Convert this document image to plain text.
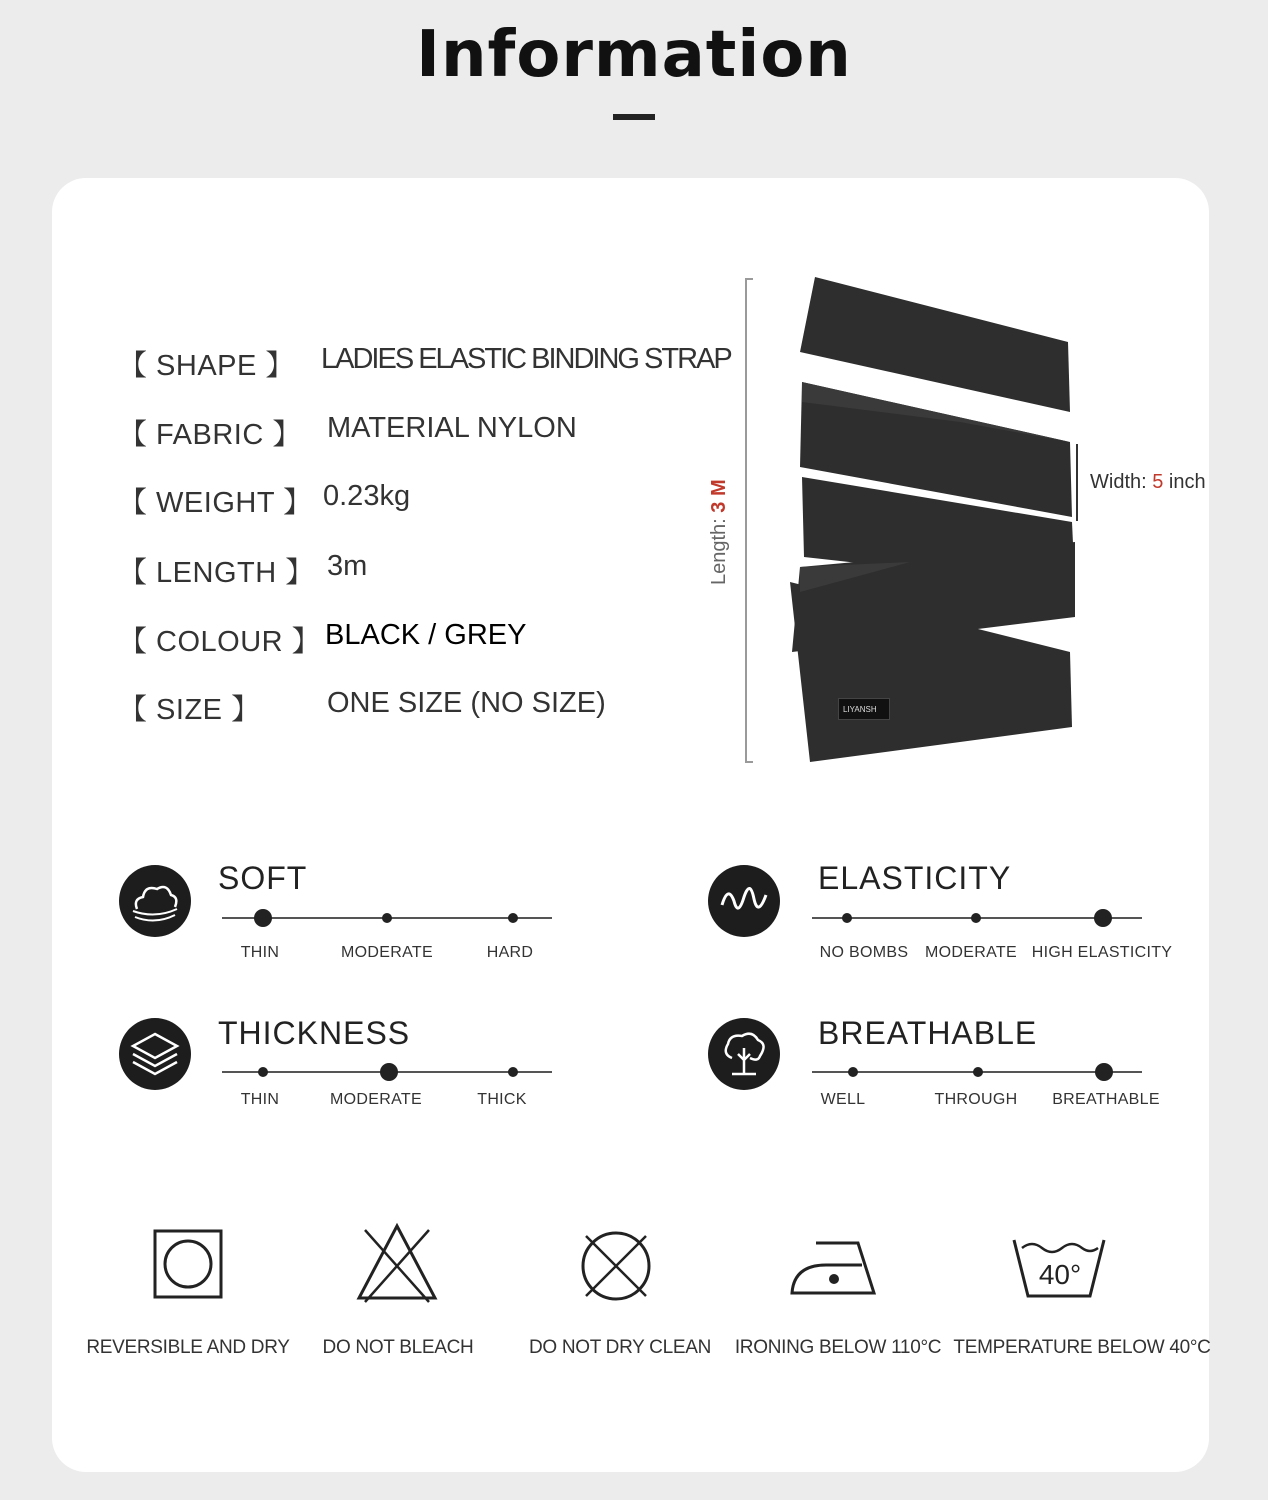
Information
【 SHAPE 】 LADIES ELASTIC BINDING STRAP
【 FABRIC 】 MATERIAL NYLON
【 WEIGHT 】 0.23kg
【 LENGTH 】 3m
【 COLOUR 】 BLACK / GREY
【 SIZE 】	ONE SIZE (NO SIZE)
Length: 3 M
LIYANSH
Width: 5 inch
SOFT
THIN	MODERATE	HARD
ELASTICITY
NO BOMBS MODERATE HIGH ELASTICITY
THICKNESS
THIN	MODERATE	THICK
BREATHABLE
WELL	THROUGH BREATHABLE
40°
REVERSIBLE AND DRY DO NOT BLEACH	DO NOT DRY CLEAN IRONING BELOW 110°C TEMPERATURE BELOW 40°C
